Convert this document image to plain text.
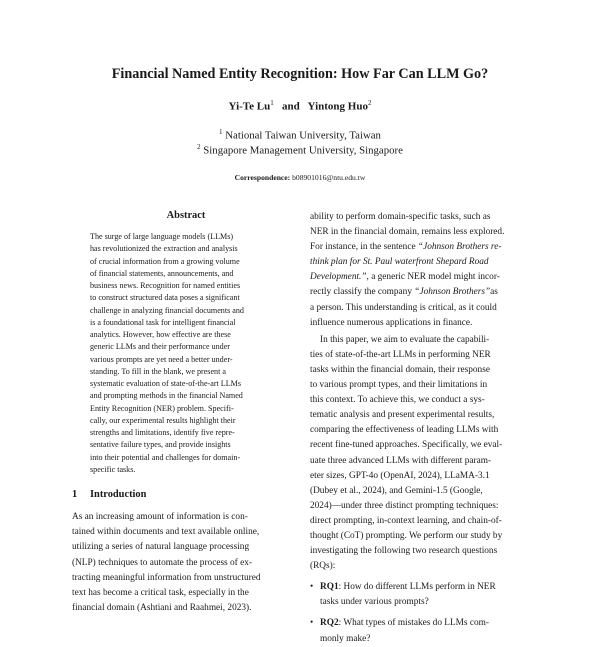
Financial Named Entity Recognition: How Far Can LLM Go?
Yi-Te Lu$^1$ and Yintong Huo$^2$
$^1$ National Taiwan University, Taiwan
$^2$ Singapore Management University, Singapore
Correspondence: b08901016@ntu.edu.tw
Abstract
The surge of large language models (LLMs)
has revolutionized the extraction and analysis
of crucial information from a growing volume
of financial statements, announcements, and
business news. Recognition for named entities
to construct structured data poses a significant
challenge in analyzing financial documents and
is a foundational task for intelligent financial
analytics. However, how effective are these
generic LLMs and their performance under
various prompts are yet need a better under-
standing. To fill in the blank, we present a
systematic evaluation of state-of-the-art LLMs
and prompting methods in the financial Named
Entity Recognition (NER) problem. Specifi-
cally, our experimental results highlight their
strengths and limitations, identify five repre-
sentative failure types, and provide insights
into their potential and challenges for domain-
specific tasks.
1 Introduction
As an increasing amount of information is con-
tained within documents and text available online,
utilizing a series of natural language processing
(NLP) techniques to automate the process of ex-
tracting meaningful information from unstructured
text has become a critical task, especially in the
financial domain (Ashtiani and Raahmei, 2023).
ability to perform domain-specific tasks, such as
NER in the financial domain, remains less explored.
For instance, in the sentence “Johnson Brothers re-
think plan for St. Paul waterfront Shepard Road
Development.”, a generic NER model might incor-
rectly classify the company “Johnson Brothers”as
a person. This understanding is critical, as it could
influence numerous applications in finance.
In this paper, we aim to evaluate the capabili-
ties of state-of-the-art LLMs in performing NER
tasks within the financial domain, their response
to various prompt types, and their limitations in
this context. To achieve this, we conduct a sys-
tematic analysis and present experimental results,
comparing the effectiveness of leading LLMs with
recent fine-tuned approaches. Specifically, we eval-
uate three advanced LLMs with different param-
eter sizes, GPT-4o (OpenAI, 2024), LLaMA-3.1
(Dubey et al., 2024), and Gemini-1.5 (Google,
2024)—under three distinct prompting techniques:
direct prompting, in-context learning, and chain-of-
thought (CoT) prompting. We perform our study by
investigating the following two research questions
(RQs):
• RQ1: How do different LLMs perform in NER
tasks under various prompts?
• RQ2: What types of mistakes do LLMs com-
monly make?
